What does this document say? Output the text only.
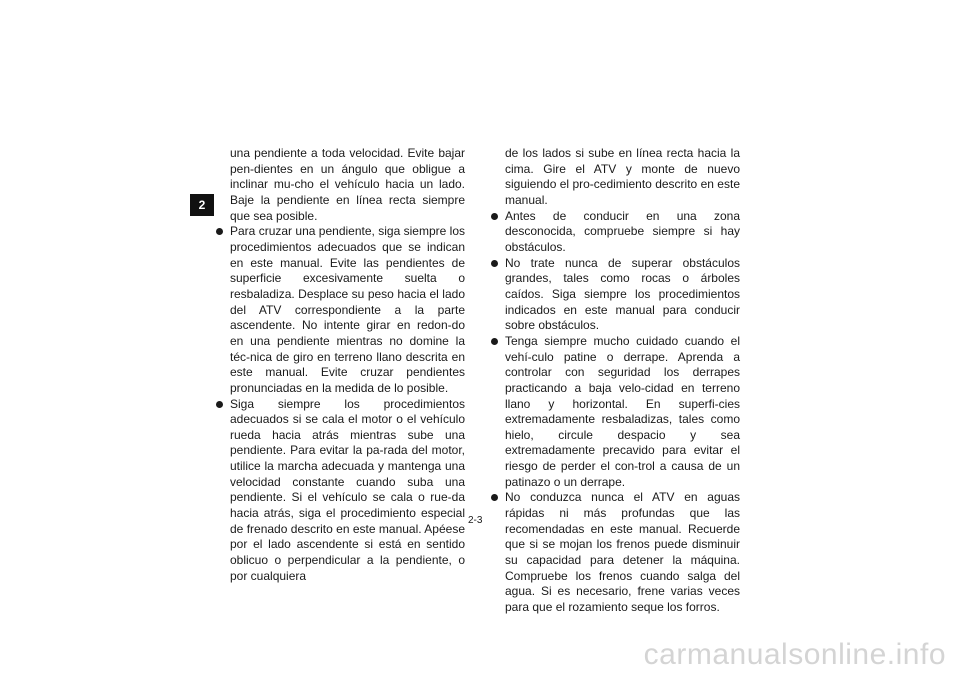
2

una pendiente a toda velocidad. Evite bajar pen-dientes en un ángulo que obligue a inclinar mu-cho el vehículo hacia un lado. Baje la pendiente en línea recta siempre que sea posible.

Para cruzar una pendiente, siga siempre los procedimientos adecuados que se indican en este manual. Evite las pendientes de superficie excesivamente suelta o resbaladiza. Desplace su peso hacia el lado del ATV correspondiente a la parte ascendente. No intente girar en redon-do en una pendiente mientras no domine la téc-nica de giro en terreno llano descrita en este manual. Evite cruzar pendientes pronunciadas en la medida de lo posible.

Siga siempre los procedimientos adecuados si se cala el motor o el vehículo rueda hacia atrás mientras sube una pendiente. Para evitar la pa-rada del motor, utilice la marcha adecuada y mantenga una velocidad constante cuando suba una pendiente. Si el vehículo se cala o rue-da hacia atrás, siga el procedimiento especial de frenado descrito en este manual. Apéese por el lado ascendente si está en sentido oblicuo o perpendicular a la pendiente, o por cualquiera

de los lados si sube en línea recta hacia la cima. Gire el ATV y monte de nuevo siguiendo el pro-cedimiento descrito en este manual.

Antes de conducir en una zona desconocida, compruebe siempre si hay obstáculos.

No trate nunca de superar obstáculos grandes, tales como rocas o árboles caídos. Siga siempre los procedimientos indicados en este manual para conducir sobre obstáculos.

Tenga siempre mucho cuidado cuando el vehí-culo patine o derrape. Aprenda a controlar con seguridad los derrapes practicando a baja velo-cidad en terreno llano y horizontal. En superfi-cies extremadamente resbaladizas, tales como hielo, circule despacio y sea extremadamente precavido para evitar el riesgo de perder el con-trol a causa de un patinazo o un derrape.

No conduzca nunca el ATV en aguas rápidas ni más profundas que las recomendadas en este manual. Recuerde que si se mojan los frenos puede disminuir su capacidad para detener la máquina. Compruebe los frenos cuando salga del agua. Si es necesario, frene varias veces para que el rozamiento seque los forros.

2-3
carmanualsonline.info
